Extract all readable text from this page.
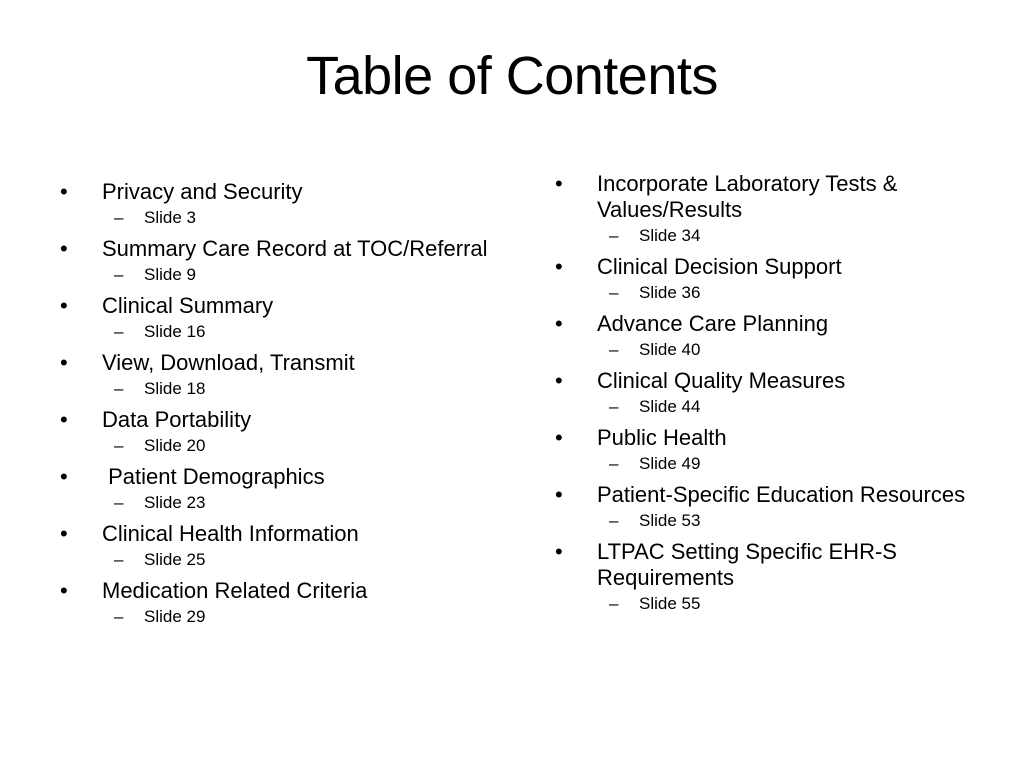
Table of Contents
•	Privacy and Security
–	Slide 3
•	Summary Care Record at TOC/Referral
–	Slide 9
•	Clinical Summary
–	Slide 16
•	View, Download, Transmit
–	Slide 18
•	Data Portability
–	Slide 20
•	Patient Demographics
–	Slide 23
•	Clinical Health Information
–	Slide 25
•	Medication Related Criteria
–	Slide 29
•	Incorporate Laboratory Tests & Values/Results
–	Slide 34
•	Clinical Decision Support
–	Slide 36
•	Advance Care Planning
–	Slide 40
•	Clinical Quality Measures
–	Slide 44
•	Public Health
–	Slide 49
•	Patient-Specific Education Resources
–	Slide 53
•	LTPAC Setting Specific EHR-S Requirements
–	Slide 55
